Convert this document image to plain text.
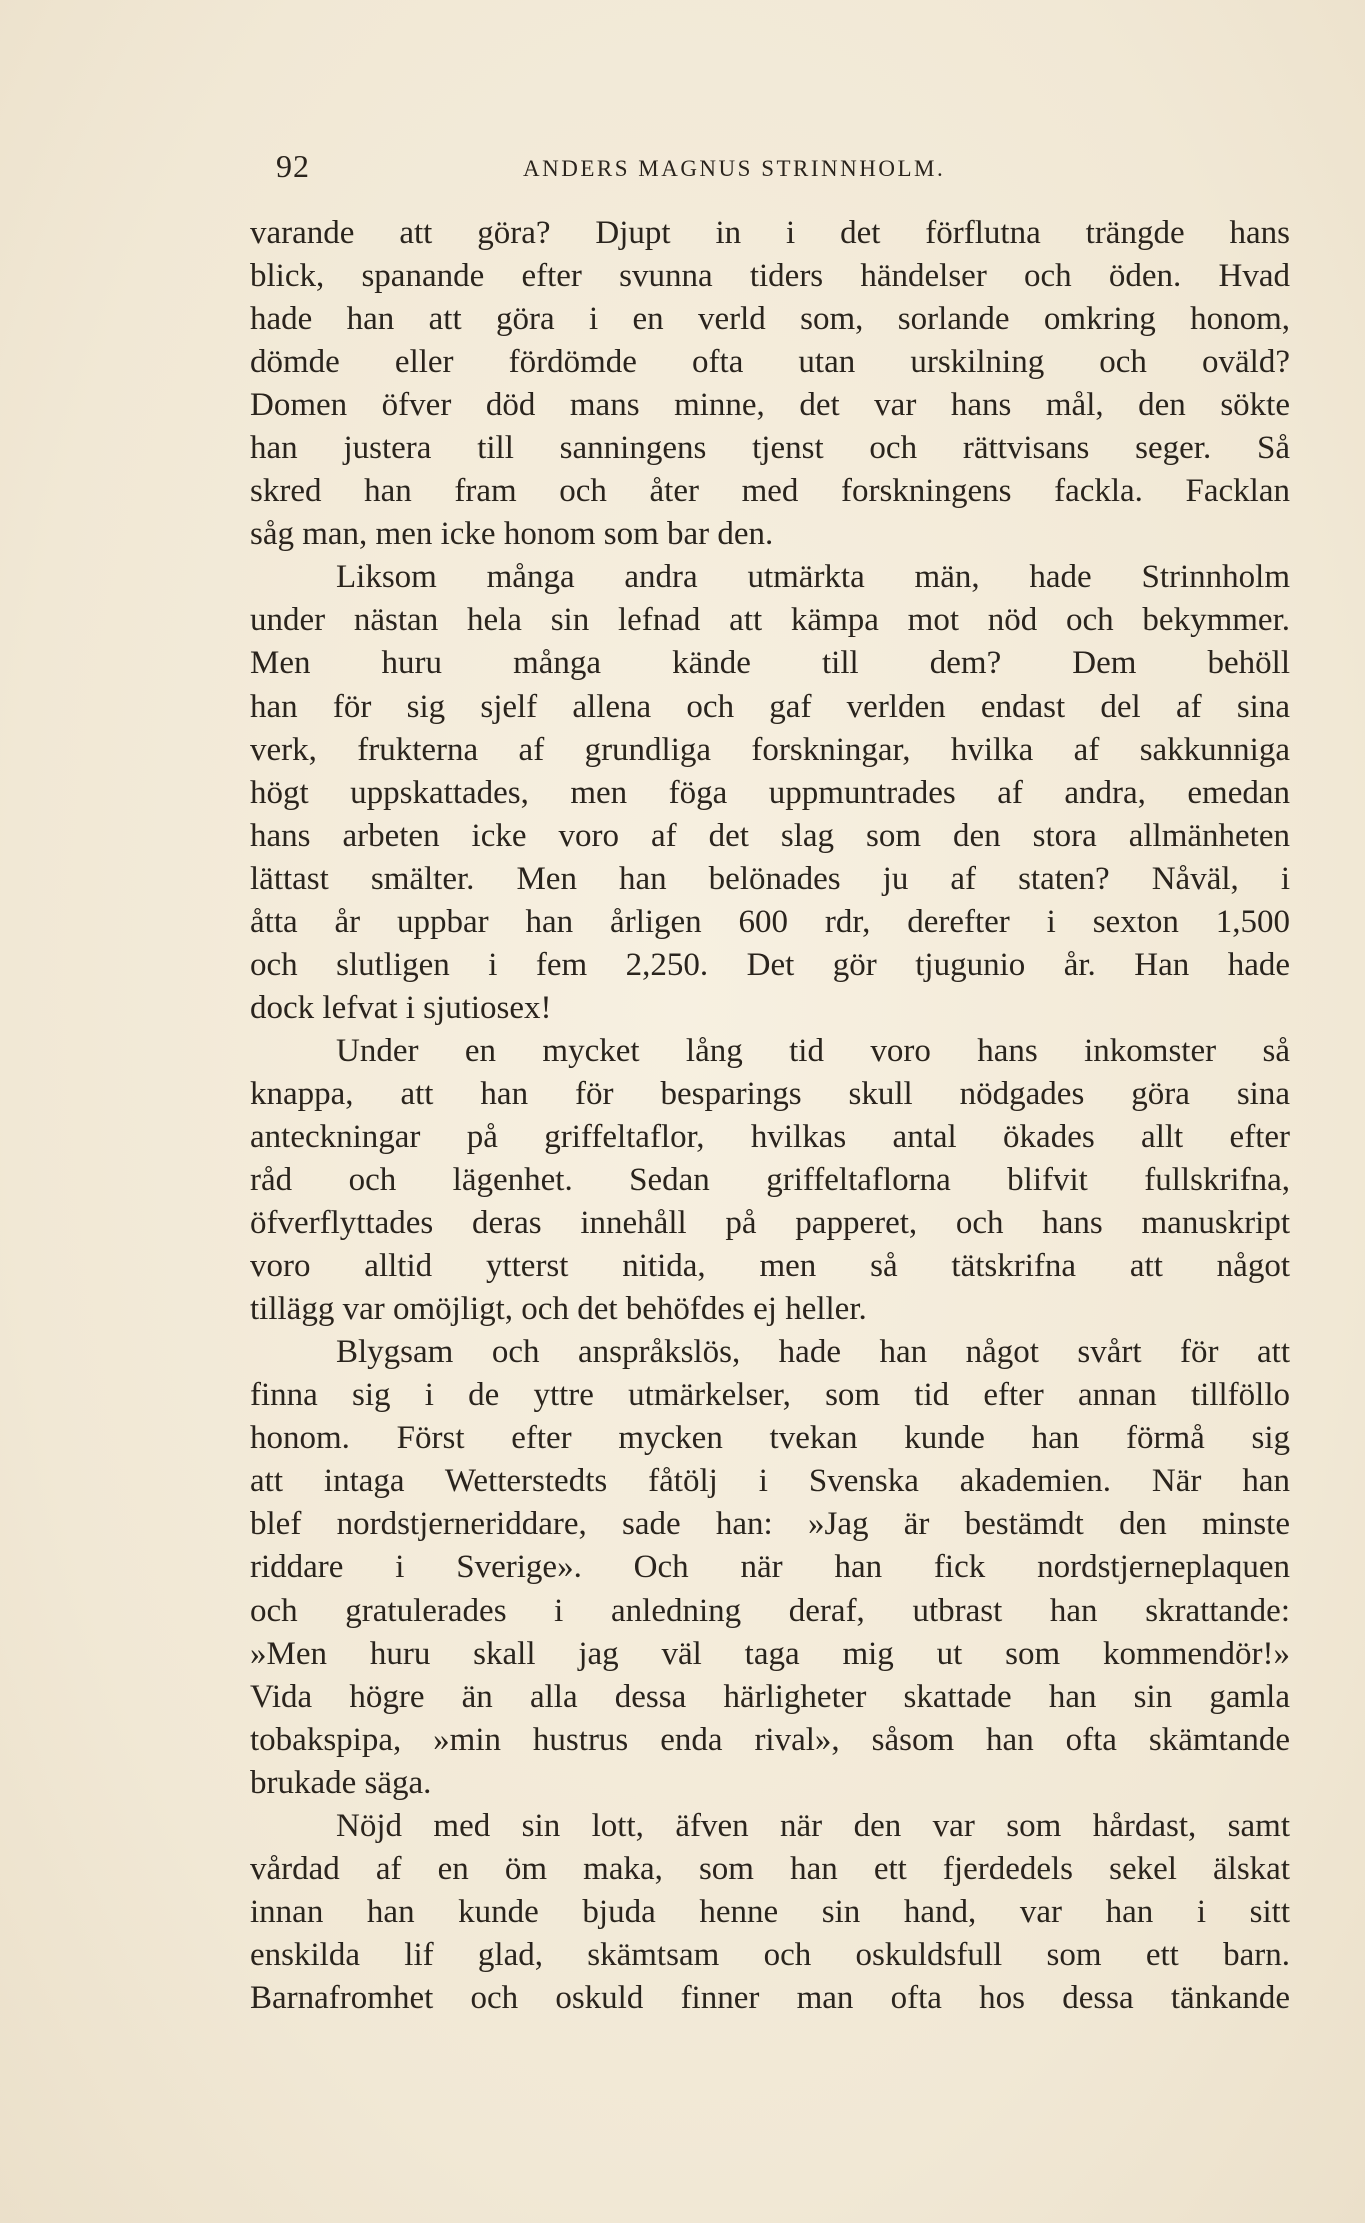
92	ANDERS MAGNUS STRINNHOLM.
varande att göra? Djupt in i det förflutna trängde hans
blick, spanande efter svunna tiders händelser och öden. Hvad
hade han att göra i en verld som, sorlande omkring honom,
dömde eller fördömde ofta utan urskilning och oväld?
Domen öfver död mans minne, det var hans mål, den sökte
han justera till sanningens tjenst och rättvisans seger. Så
skred han fram och åter med forskningens fackla. Facklan
såg man, men icke honom som bar den.
Liksom många andra utmärkta män, hade Strinnholm
under nästan hela sin lefnad att kämpa mot nöd och bekymmer.
Men huru många kände till dem? Dem behöll
han för sig sjelf allena och gaf verlden endast del af sina
verk, frukterna af grundliga forskningar, hvilka af sakkunniga
högt uppskattades, men föga uppmuntrades af andra, emedan
hans arbeten icke voro af det slag som den stora allmänheten
lättast smälter. Men han belönades ju af staten? Nåväl, i
åtta år uppbar han årligen 600 rdr, derefter i sexton 1,500
och slutligen i fem 2,250. Det gör tjugunio år. Han hade
dock lefvat i sjutiosex!
Under en mycket lång tid voro hans inkomster så
knappa, att han för besparings skull nödgades göra sina
anteckningar på griffeltaflor, hvilkas antal ökades allt efter
råd och lägenhet. Sedan griffeltaflorna blifvit fullskrifna,
öfverflyttades deras innehåll på papperet, och hans manuskript
voro alltid ytterst nitida, men så tätskrifna att något
tillägg var omöjligt, och det behöfdes ej heller.
Blygsam och anspråkslös, hade han något svårt för att
finna sig i de yttre utmärkelser, som tid efter annan tillföllo
honom. Först efter mycken tvekan kunde han förmå sig
att intaga Wetterstedts fåtölj i Svenska akademien. När han
blef nordstjerneriddare, sade han: »Jag är bestämdt den minste
riddare i Sverige». Och när han fick nordstjerneplaquen
och gratulerades i anledning deraf, utbrast han skrattande:
»Men huru skall jag väl taga mig ut som kommendör!»
Vida högre än alla dessa härligheter skattade han sin gamla
tobakspipa, »min hustrus enda rival», såsom han ofta skämtande
brukade säga.
Nöjd med sin lott, äfven när den var som hårdast, samt
vårdad af en öm maka, som han ett fjerdedels sekel älskat
innan han kunde bjuda henne sin hand, var han i sitt
enskilda lif glad, skämtsam och oskuldsfull som ett barn.
Barnafromhet och oskuld finner man ofta hos dessa tänkande
